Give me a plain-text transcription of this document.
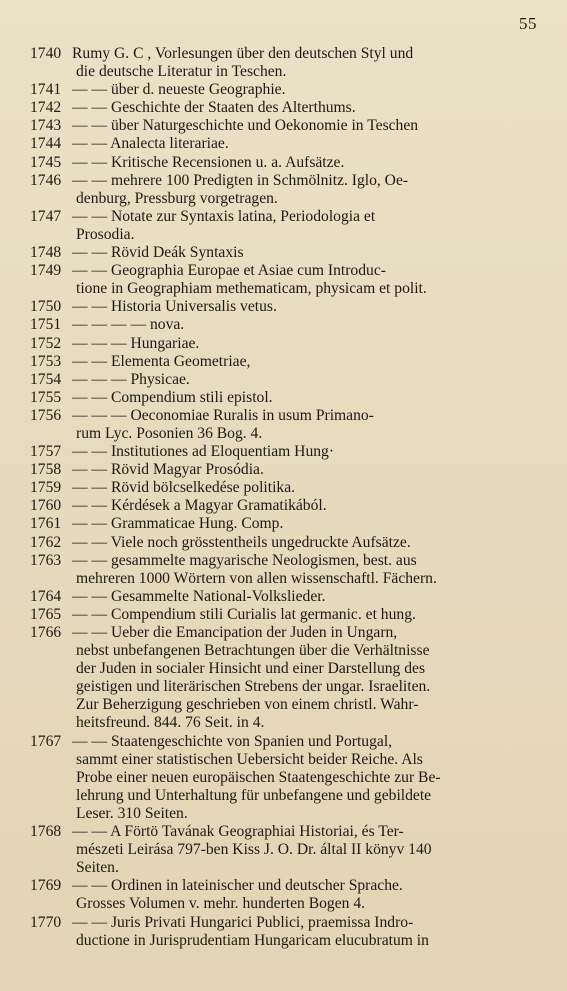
55
1740 Rumy G. C , Vorlesungen über den deutschen Styl und
die deutsche Literatur in Teschen.
1741 — — über d. neueste Geographie.
1742 — — Geschichte der Staaten des Alterthums.
1743 — — über Naturgeschichte und Oekonomie in Teschen
1744 — — Analecta literariae.
1745 — — Kritische Recensionen u. a. Aufsätze.
1746 — — mehrere 100 Predigten in Schmölnitz. Iglo, Oe-
denburg, Pressburg vorgetragen.
1747 — — Notate zur Syntaxis latina, Periodologia et
Prosodia.
1748 — — Rövid Deák Syntaxis
1749 — — Geographia Europae et Asiae cum Introduc-
tione in Geographiam methematicam, physicam et polit.
1750 — — Historia Universalis vetus.
1751 — — — — nova.
1752 — — — Hungariae.
1753 — — Elementa Geometriae,
1754 — — — Physicae.
1755 — — Compendium stili epistol.
1756 — — — Oeconomiae Ruralis in usum Primano-
rum Lyc. Posonien 36 Bog. 4.
1757 — — Institutiones ad Eloquentiam Hung·
1758 — — Rövid Magyar Prosódia.
1759 — — Rövid bölcselkedése politika.
1760 — — Kérdések a Magyar Gramatikából.
1761 — — Grammaticae Hung. Comp.
1762 — — Viele noch grösstentheils ungedruckte Aufsätze.
1763 — — gesammelte magyarische Neologismen, best. aus
mehreren 1000 Wörtern von allen wissenschaftl. Fächern.
1764 — — Gesammelte National-Volkslieder.
1765 — — Compendium stili Curialis lat germanic. et hung.
1766 — — Ueber die Emancipation der Juden in Ungarn,
nebst unbefangenen Betrachtungen über die Verhältnisse
der Juden in socialer Hinsicht und einer Darstellung des
geistigen und literärischen Strebens der ungar. Israeliten.
Zur Beherzigung geschrieben von einem christl. Wahr-
heitsfreund. 844. 76 Seit. in 4.
1767 — — Staatengeschichte von Spanien und Portugal,
sammt einer statistischen Uebersicht beider Reiche. Als
Probe einer neuen europäischen Staatengeschichte zur Be-
lehrung und Unterhaltung für unbefangene und gebildete
Leser. 310 Seiten.
1768 — — A Förtö Tavának Geographiai Historiai, és Ter-
mészeti Leirása 797-ben Kiss J. O. Dr. által II könyv 140
Seiten.
1769 — — Ordinen in lateinischer und deutscher Sprache.
Grosses Volumen v. mehr. hunderten Bogen 4.
1770 — — Juris Privati Hungarici Publici, praemissa Indro-
ductione in Jurisprudentiam Hungaricam elucubratum in
